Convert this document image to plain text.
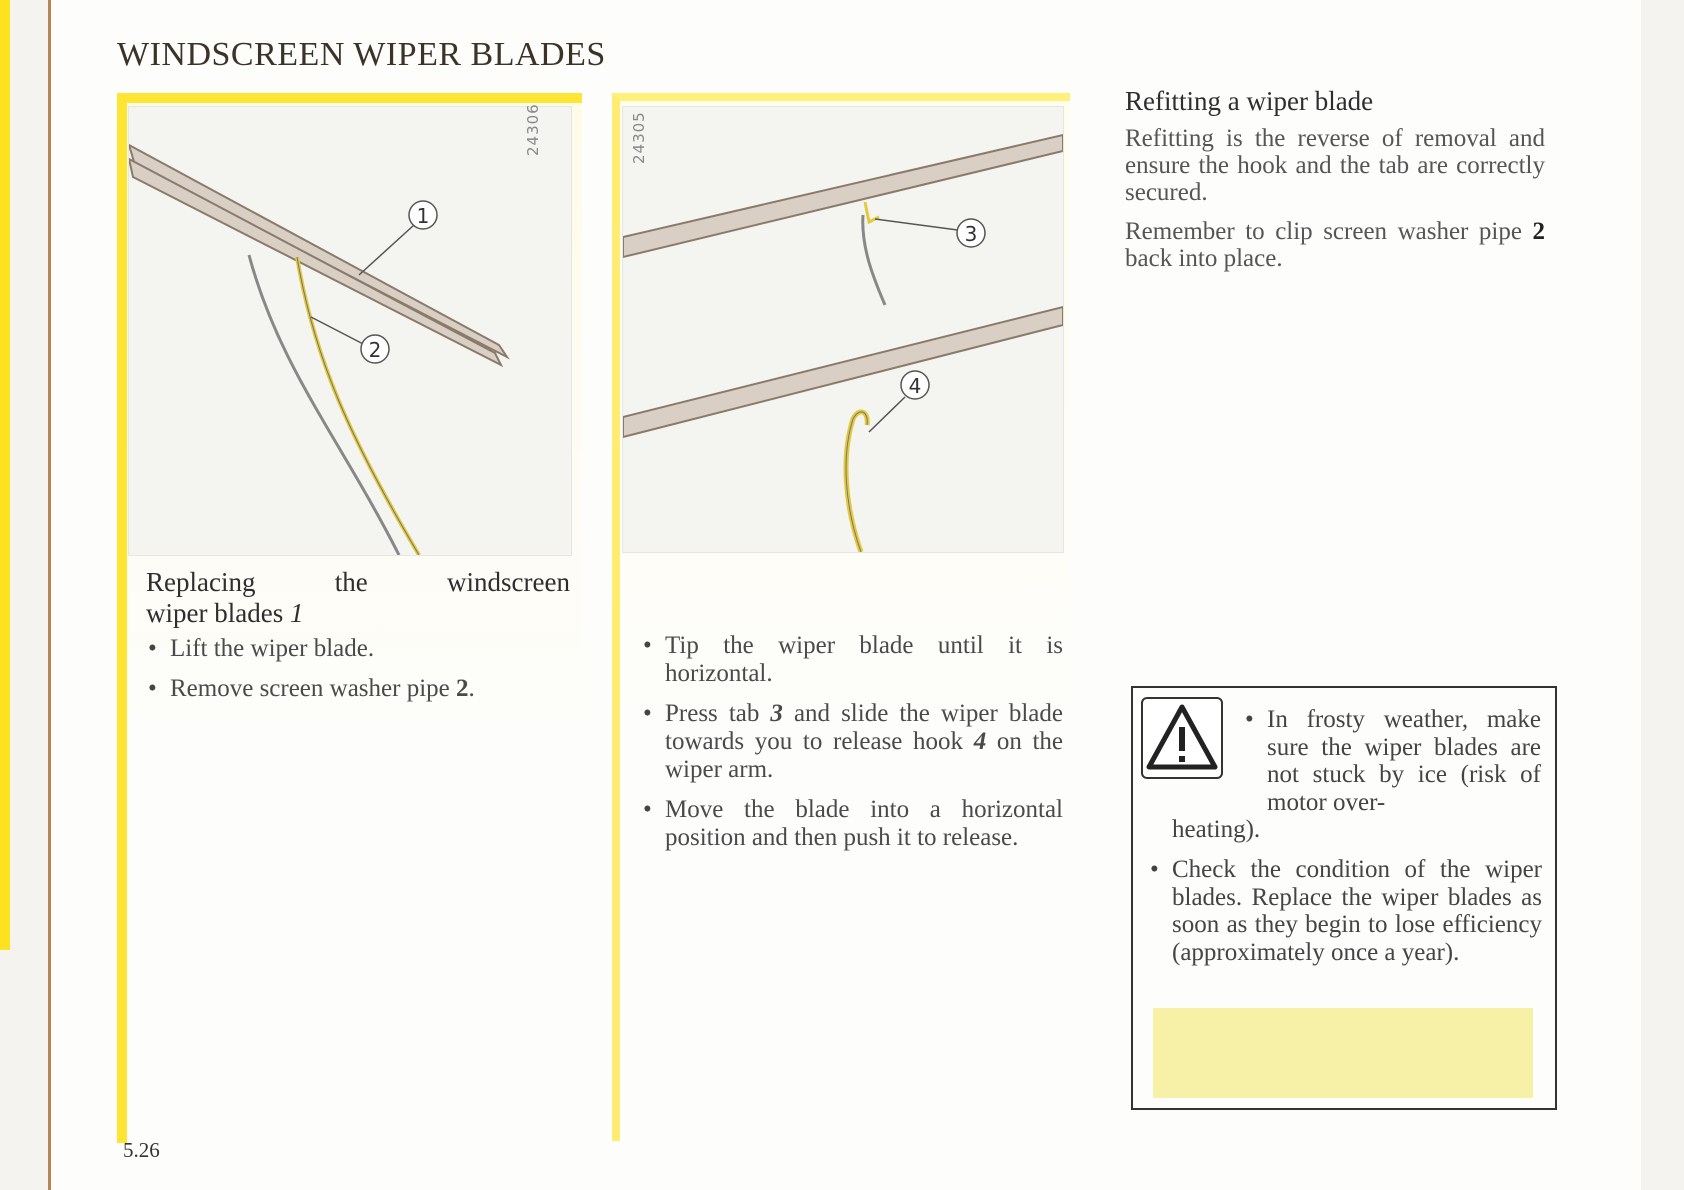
WINDSCREEN WIPER BLADES
1
2
24306
3
4
24305
Replacing the windscreen
wiper blades 1
• Lift the wiper blade.
• Remove screen washer pipe 2.
• Tip the wiper blade until it is horizontal.
• Press tab 3 and slide the wiper blade towards you to release hook 4 on the wiper arm.
• Move the blade into a horizontal position and then push it to release.
Refitting a wiper blade

Refitting is the reverse of removal and ensure the hook and the tab are correctly secured.

Remember to clip screen washer pipe 2 back into place.

• In frosty weather, make sure the wiper blades are not stuck by ice (risk of motor over-

heating).

• Check the condition of the wiper blades. Replace the wiper blades as soon as they begin to lose efficiency (approximately once a year).
5.26
